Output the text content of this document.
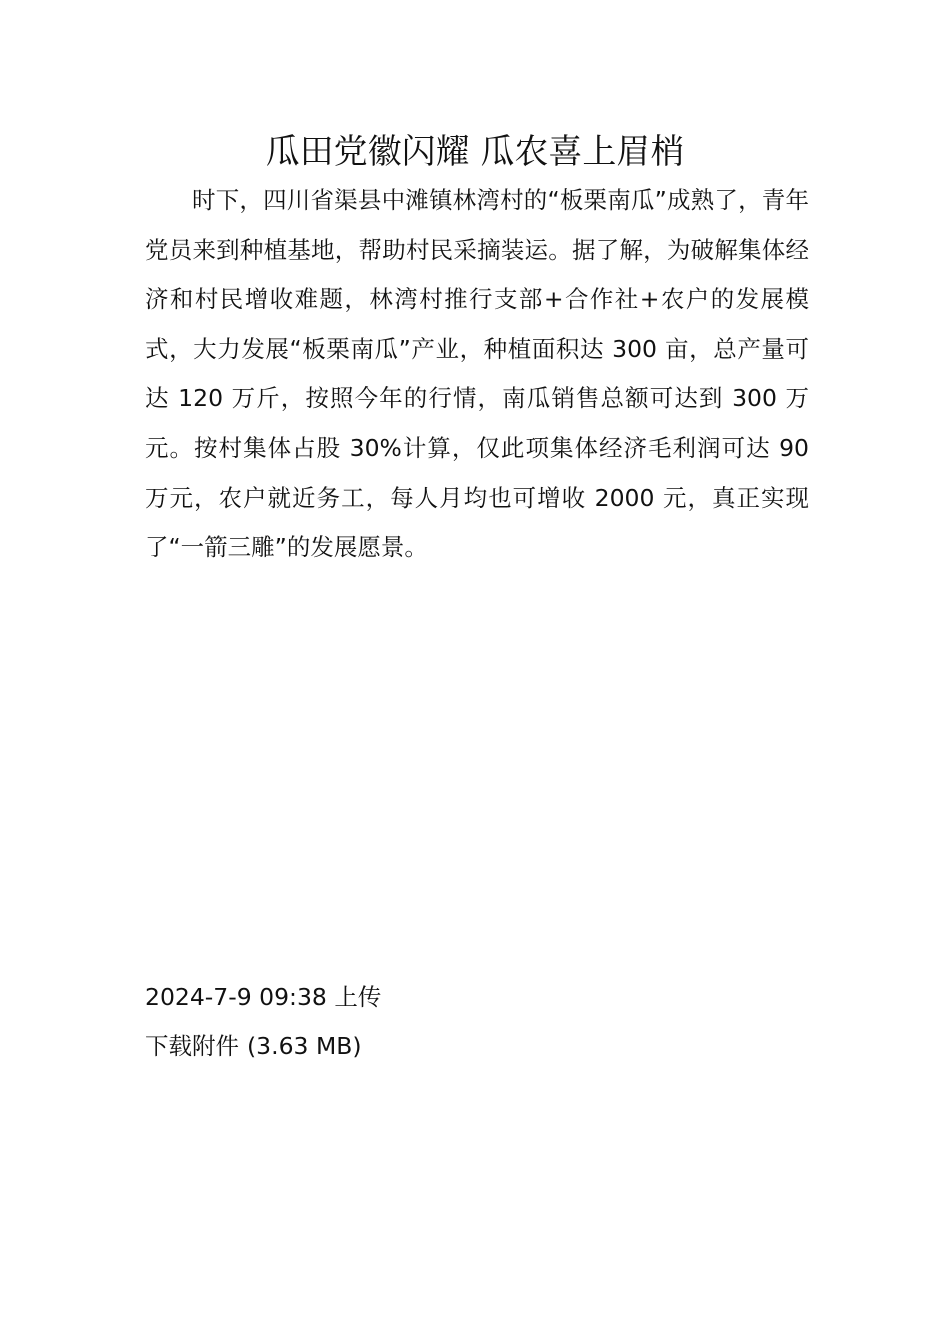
瓜田党徽闪耀 瓜农喜上眉梢

时下，四川省渠县中滩镇林湾村的“板栗南瓜”成熟了，青年党员来到种植基地，帮助村民采摘装运。据了解，为破解集体经济和村民增收难题，林湾村推行支部+合作社+农户的发展模式，大力发展“板栗南瓜”产业，种植面积达 300 亩，总产量可达 120 万斤，按照今年的行情，南瓜销售总额可达到 300 万元。按村集体占股 30%计算，仅此项集体经济毛利润可达 90 万元，农户就近务工，每人月均也可增收 2000 元，真正实现了“一箭三雕”的发展愿景。

2024-7-9 09:38 上传
下载附件 (3.63 MB)
